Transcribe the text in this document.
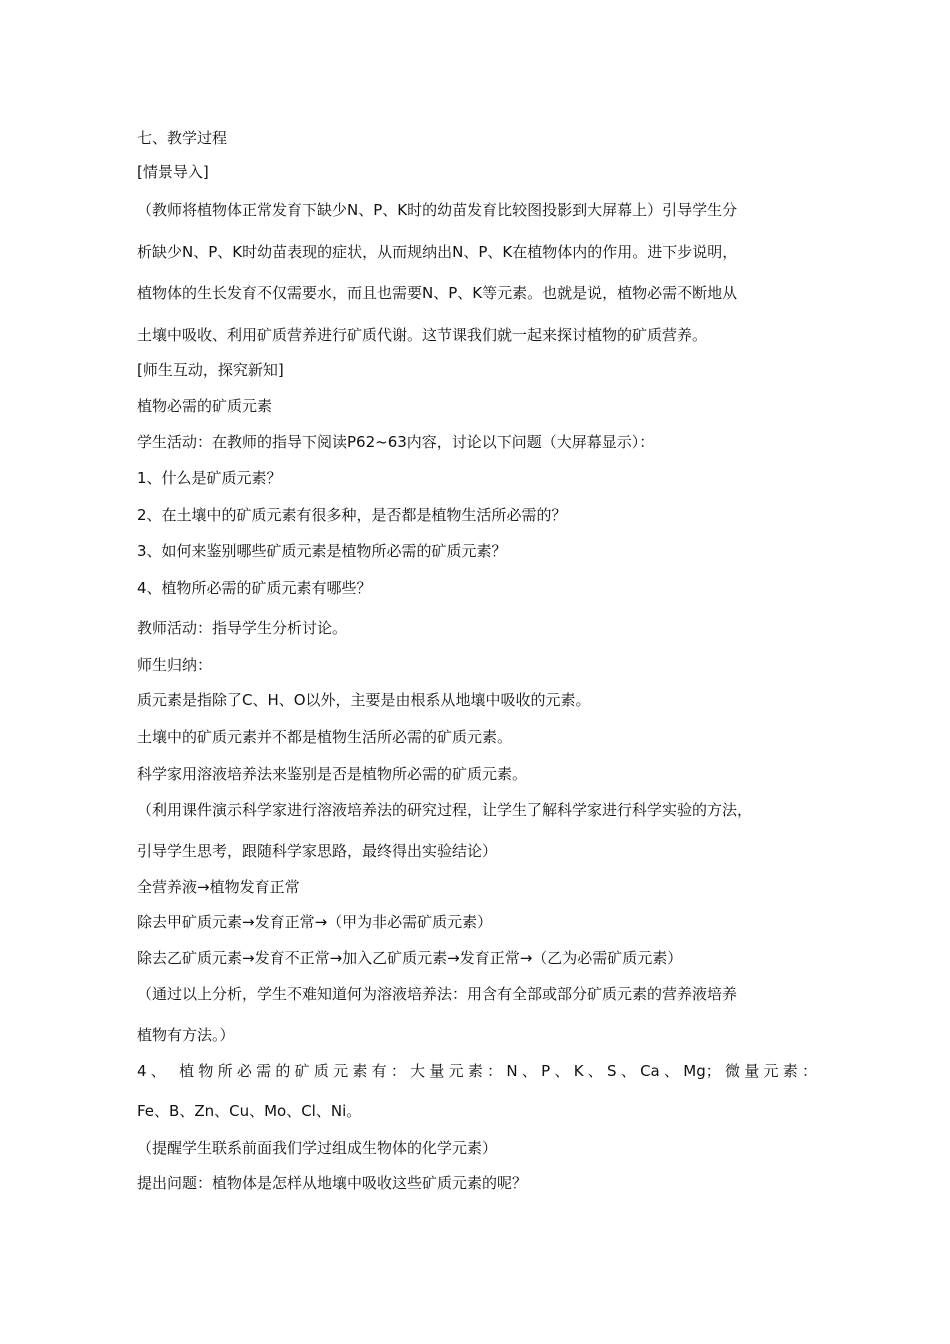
七、教学过程
[情景导入]
（教师将植物体正常发育下缺少N、P、K时的幼苗发育比较图投影到大屏幕上）引导学生分
析缺少N、P、K时幼苗表现的症状，从而规纳出N、P、K在植物体内的作用。进下步说明，
植物体的生长发育不仅需要水，而且也需要N、P、K等元素。也就是说，植物必需不断地从
土壤中吸收、利用矿质营养进行矿质代谢。这节课我们就一起来探讨植物的矿质营养。
[师生互动，探究新知]
植物必需的矿质元素
学生活动：在教师的指导下阅读P62~63内容，讨论以下问题（大屏幕显示）：
1、什么是矿质元素？
2、在土壤中的矿质元素有很多种，是否都是植物生活所必需的？
3、如何来鉴别哪些矿质元素是植物所必需的矿质元素？
4、植物所必需的矿质元素有哪些？
教师活动：指导学生分析讨论。
师生归纳：
质元素是指除了C、H、O以外，主要是由根系从地壤中吸收的元素。
土壤中的矿质元素并不都是植物生活所必需的矿质元素。
科学家用溶液培养法来鉴别是否是植物所必需的矿质元素。
（利用课件演示科学家进行溶液培养法的研究过程，让学生了解科学家进行科学实验的方法，
引导学生思考，跟随科学家思路，最终得出实验结论）
全营养液→植物发育正常
除去甲矿质元素→发育正常→（甲为非必需矿质元素）
除去乙矿质元素→发育不正常→加入乙矿质元素→发育正常→（乙为必需矿质元素）
（通过以上分析，学生不难知道何为溶液培养法：用含有全部或部分矿质元素的营养液培养
植物有方法。）
4、 植物所必需的矿质元素有：大量元素：N、P、K、S、Ca、Mg；微量元素：
Fe、B、Zn、Cu、Mo、Cl、Ni。
（提醒学生联系前面我们学过组成生物体的化学元素）
提出问题：植物体是怎样从地壤中吸收这些矿质元素的呢？
